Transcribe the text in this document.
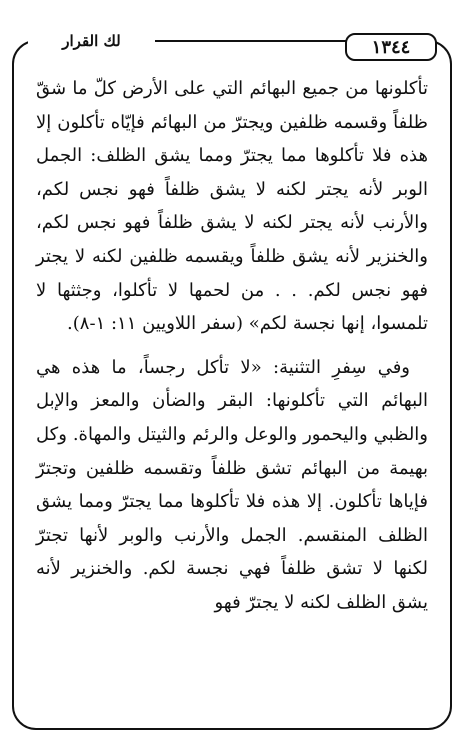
لك القرار	١٣٤٤

تأكلونها من جميع البهائم التي على الأرض كلّ ما شقّ ظلفاً وقسمه ظلفين ويجترّ من البهائم فإيّاه تأكلون إلا هذه فلا تأكلوها مما يجترّ ومما يشق الظلف: الجمل الوبر لأنه يجتر لكنه لا يشق ظلفاً فهو نجس لكم، والأرنب لأنه يجتر لكنه لا يشق ظلفاً فهو نجس لكم، والخنزير لأنه يشق ظلفاً ويقسمه ظلفين لكنه لا يجتر فهو نجس لكم. . . من لحمها لا تأكلوا، وجثثها لا تلمسوا، إنها نجسة لكم» (سفر اللاويين ١١: ١-٨).

وفي سِفرِ التثنية: «لا تأكل رجساً، ما هذه هي البهائم التي تأكلونها: البقر والضأن والمعز والإبل والظبي واليحمور والوعل والرئم والثيتل والمهاة. وكل بهيمة من البهائم تشق ظلفاً وتقسمه ظلفين وتجترّ فإياها تأكلون. إلا هذه فلا تأكلوها مما يجترّ ومما يشق الظلف المنقسم. الجمل والأرنب والوبر لأنها تجترّ لكنها لا تشق ظلفاً فهي نجسة لكم. والخنزير لأنه يشق الظلف لكنه لا يجترّ فهو
